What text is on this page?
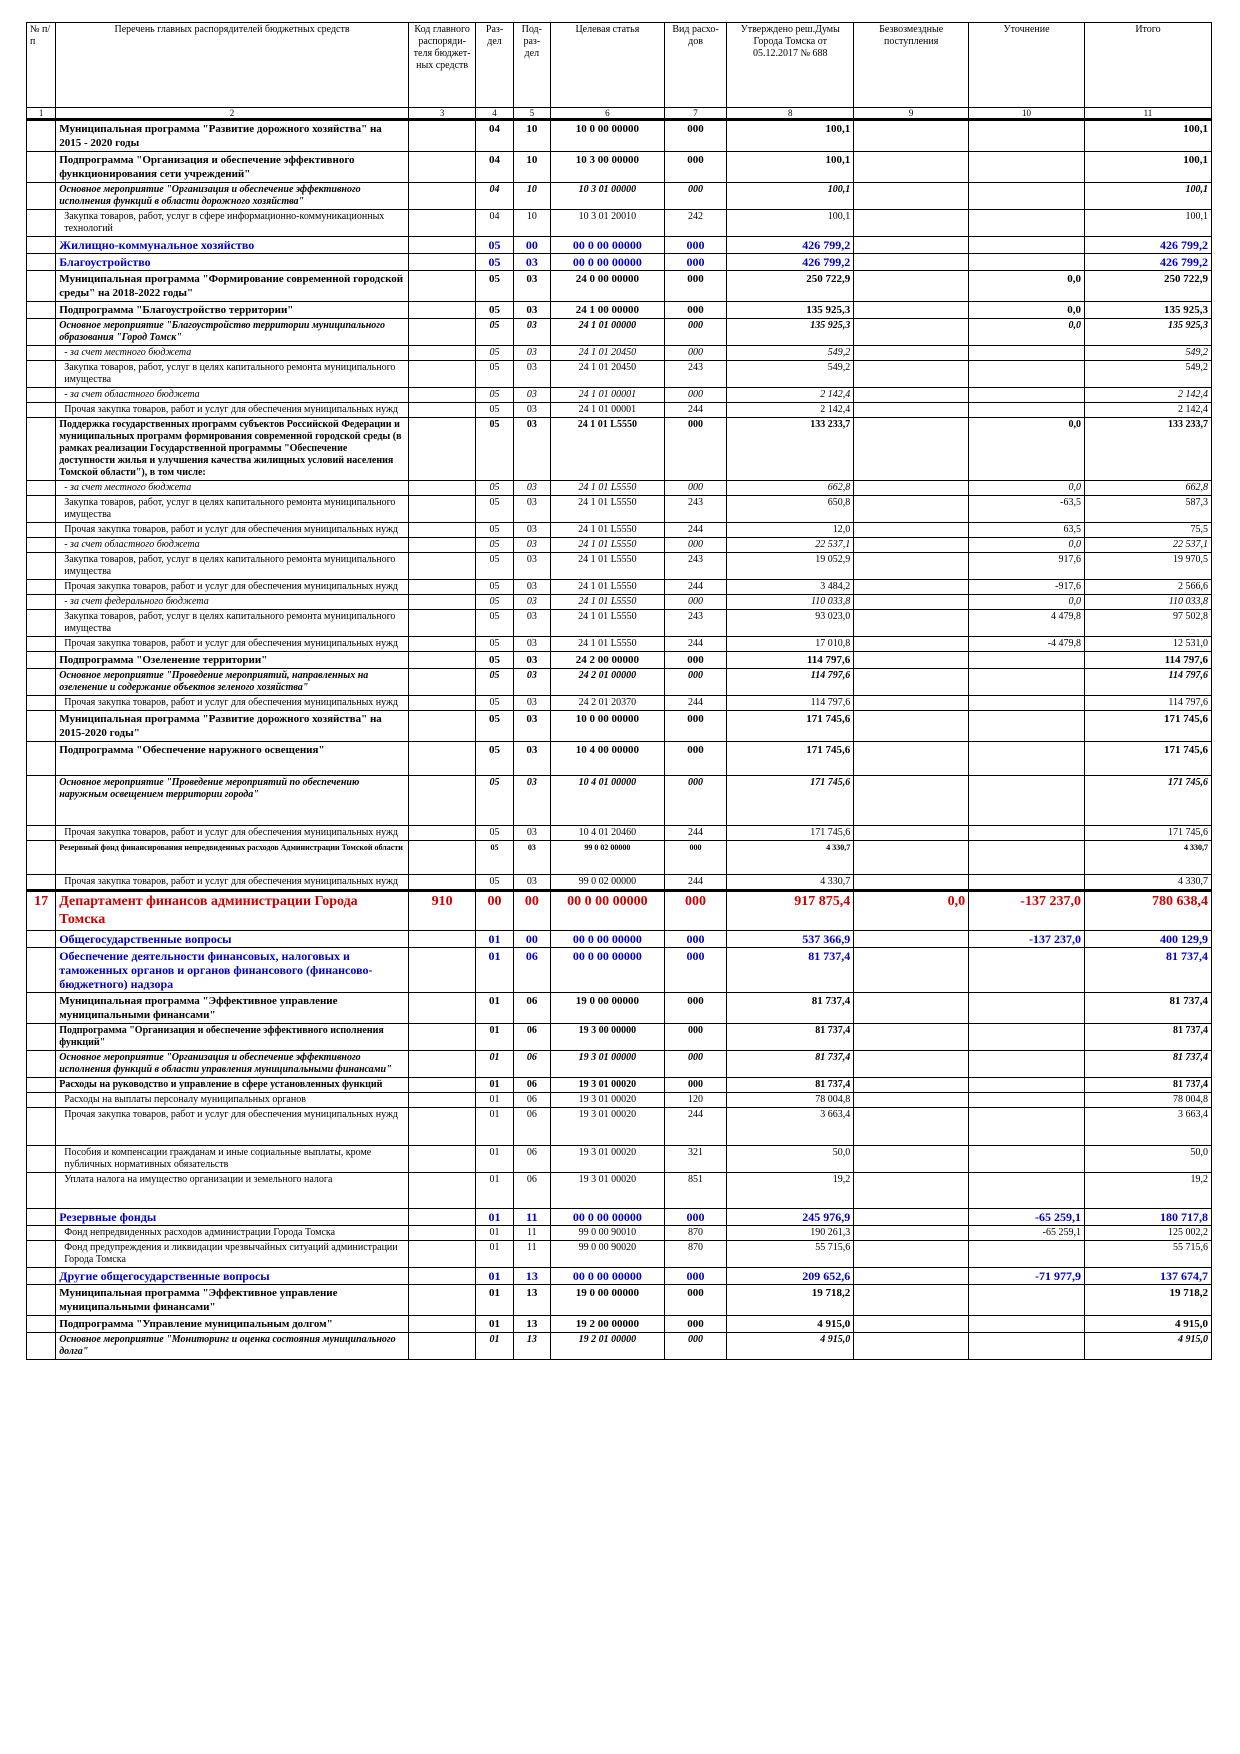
№ п/п	Перечень главных распорядителей бюджетных средств	Код главного распоряди-теля бюджет-ных средств	Раз-дел	Под-раз-дел	Целевая статья	Вид расхо-дов	Утверждено реш.Думы Города Томска от 05.12.2017 № 688	Безвозмездные поступления	Уточнение	Итого
1	2	3	4	5	6	7	8	9	10	11
	Муниципальная программа "Развитие дорожного хозяйства" на 2015 - 2020 годы		04	10	10 0 00 00000	000	100,1			100,1
	Подпрограмма "Организация и обеспечение эффективного функционирования сети учреждений"		04	10	10 3 00 00000	000	100,1			100,1
	Основное мероприятие "Организация и обеспечение эффективного исполнения функций в области дорожного хозяйства"		04	10	10 3 01 00000	000	100,1			100,1
	Закупка товаров, работ, услуг в сфере информационно-коммуникационных технологий		04	10	10 3 01 20010	242	100,1			100,1
	Жилищно-коммунальное хозяйство		05	00	00 0 00 00000	000	426 799,2			426 799,2
	Благоустройство		05	03	00 0 00 00000	000	426 799,2			426 799,2
	Муниципальная программа "Формирование современной городской среды" на 2018-2022 годы"		05	03	24 0 00 00000	000	250 722,9		0,0	250 722,9
	Подпрограмма "Благоустройство территории"		05	03	24 1 00 00000	000	135 925,3		0,0	135 925,3
	Основное мероприятие "Благоустройство территории муниципального образования "Город Томск"		05	03	24 1 01 00000	000	135 925,3		0,0	135 925,3
	- за счет местного бюджета		05	03	24 1 01 20450	000	549,2			549,2
	Закупка товаров, работ, услуг в целях капитального ремонта муниципального имущества		05	03	24 1 01 20450	243	549,2			549,2
	- за счет областного бюджета		05	03	24 1 01 00001	000	2 142,4			2 142,4
	Прочая закупка товаров, работ и услуг для обеспечения муниципальных нужд		05	03	24 1 01 00001	244	2 142,4			2 142,4
	Поддержка государственных программ субъектов Российской Федерации и муниципальных программ формирования современной городской среды (в рамках реализации Государственной программы "Обеспечение доступности жилья и улучшения качества жилищных условий населения Томской области"), в том числе:		05	03	24 1 01 L5550	000	133 233,7		0,0	133 233,7
	- за счет местного бюджета		05	03	24 1 01 L5550	000	662,8		0,0	662,8
	Закупка товаров, работ, услуг в целях капитального ремонта муниципального имущества		05	03	24 1 01 L5550	243	650,8		-63,5	587,3
	Прочая закупка товаров, работ и услуг для обеспечения муниципальных нужд		05	03	24 1 01 L5550	244	12,0		63,5	75,5
	- за счет областного бюджета		05	03	24 1 01 L5550	000	22 537,1		0,0	22 537,1
	Закупка товаров, работ, услуг в целях капитального ремонта муниципального имущества		05	03	24 1 01 L5550	243	19 052,9		917,6	19 970,5
	Прочая закупка товаров, работ и услуг для обеспечения муниципальных нужд		05	03	24 1 01 L5550	244	3 484,2		-917,6	2 566,6
	- за счет федерального бюджета		05	03	24 1 01 L5550	000	110 033,8		0,0	110 033,8
	Закупка товаров, работ, услуг в целях капитального ремонта муниципального имущества		05	03	24 1 01 L5550	243	93 023,0		4 479,8	97 502,8
	Прочая закупка товаров, работ и услуг для обеспечения муниципальных нужд		05	03	24 1 01 L5550	244	17 010,8		-4 479,8	12 531,0
	Подпрограмма "Озеленение территории"		05	03	24 2 00 00000	000	114 797,6			114 797,6
	Основное мероприятие "Проведение мероприятий, направленных на озеленение и содержание объектов зеленого хозяйства"		05	03	24 2 01 00000	000	114 797,6			114 797,6
	Прочая закупка товаров, работ и услуг для обеспечения муниципальных нужд		05	03	24 2 01 20370	244	114 797,6			114 797,6
	Муниципальная программа "Развитие дорожного хозяйства" на 2015-2020 годы"		05	03	10 0 00 00000	000	171 745,6			171 745,6
	Подпрограмма "Обеспечение наружного освещения"		05	03	10 4 00 00000	000	171 745,6			171 745,6
	Основное мероприятие "Проведение мероприятий по обеспечению наружным освещением территории города"		05	03	10 4 01 00000	000	171 745,6			171 745,6
	Прочая закупка товаров, работ и услуг для обеспечения муниципальных нужд		05	03	10 4 01 20460	244	171 745,6			171 745,6
	Резервный фонд финансирования непредвиденных расходов Администрации Томской области		05	03	99 0 02 00000	000	4 330,7			4 330,7
	Прочая закупка товаров, работ и услуг для обеспечения муниципальных нужд		05	03	99 0 02 00000	244	4 330,7			4 330,7
17	Департамент финансов администрации Города Томска	910	00	00	00 0 00 00000	000	917 875,4	0,0	-137 237,0	780 638,4
	Общегосударственные вопросы		01	00	00 0 00 00000	000	537 366,9		-137 237,0	400 129,9
	Обеспечение деятельности финансовых, налоговых и таможенных органов и органов финансового (финансово-бюджетного) надзора		01	06	00 0 00 00000	000	81 737,4			81 737,4
	Муниципальная программа "Эффективное управление муниципальными финансами"		01	06	19 0 00 00000	000	81 737,4			81 737,4
	Подпрограмма "Организация и обеспечение эффективного исполнения функций"		01	06	19 3 00 00000	000	81 737,4			81 737,4
	Основное мероприятие "Организация и обеспечение эффективного исполнения функций в области управления муниципальными финансами"		01	06	19 3 01 00000	000	81 737,4			81 737,4
	Расходы на руководство и управление в сфере установленных функций		01	06	19 3 01 00020	000	81 737,4			81 737,4
	Расходы на выплаты персоналу муниципальных органов		01	06	19 3 01 00020	120	78 004,8			78 004,8
	Прочая закупка товаров, работ и услуг для обеспечения муниципальных нужд		01	06	19 3 01 00020	244	3 663,4			3 663,4
	Пособия и компенсации гражданам и иные социальные выплаты, кроме публичных нормативных обязательств		01	06	19 3 01 00020	321	50,0			50,0
	Уплата налога на имущество организации и земельного налога		01	06	19 3 01 00020	851	19,2			19,2
	Резервные фонды		01	11	00 0 00 00000	000	245 976,9		-65 259,1	180 717,8
	Фонд непредвиденных расходов администрации Города Томска		01	11	99 0 00 90010	870	190 261,3		-65 259,1	125 002,2
	Фонд предупреждения и ликвидации чрезвычайных ситуаций администрации Города Томска		01	11	99 0 00 90020	870	55 715,6			55 715,6
	Другие общегосударственные вопросы		01	13	00 0 00 00000	000	209 652,6		-71 977,9	137 674,7
	Муниципальная программа "Эффективное управление муниципальными финансами"		01	13	19 0 00 00000	000	19 718,2			19 718,2
	Подпрограмма "Управление муниципальным долгом"		01	13	19 2 00 00000	000	4 915,0			4 915,0
	Основное мероприятие "Мониторинг и оценка состояния муниципального долга"		01	13	19 2 01 00000	000	4 915,0			4 915,0
